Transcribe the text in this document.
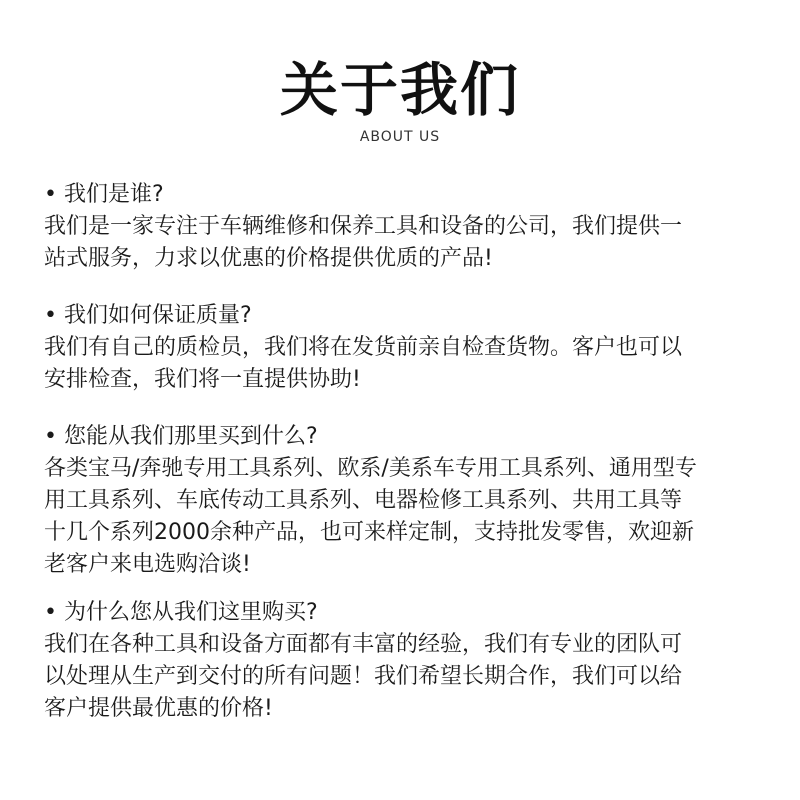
关于我们
ABOUT US
• 我们是谁?
我们是一家专注于车辆维修和保养工具和设备的公司，我们提供一
站式服务，力求以优惠的价格提供优质的产品!
• 我们如何保证质量?
我们有自己的质检员，我们将在发货前亲自检查货物。客户也可以
安排检查，我们将一直提供协助!
• 您能从我们那里买到什么?
各类宝马/奔驰专用工具系列、欧系/美系车专用工具系列、通用型专
用工具系列、车底传动工具系列、电器检修工具系列、共用工具等
十几个系列2000余种产品，也可来样定制，支持批发零售，欢迎新
老客户来电选购洽谈!
• 为什么您从我们这里购买?
我们在各种工具和设备方面都有丰富的经验，我们有专业的团队可
以处理从生产到交付的所有问题！我们希望长期合作，我们可以给
客户提供最优惠的价格!
